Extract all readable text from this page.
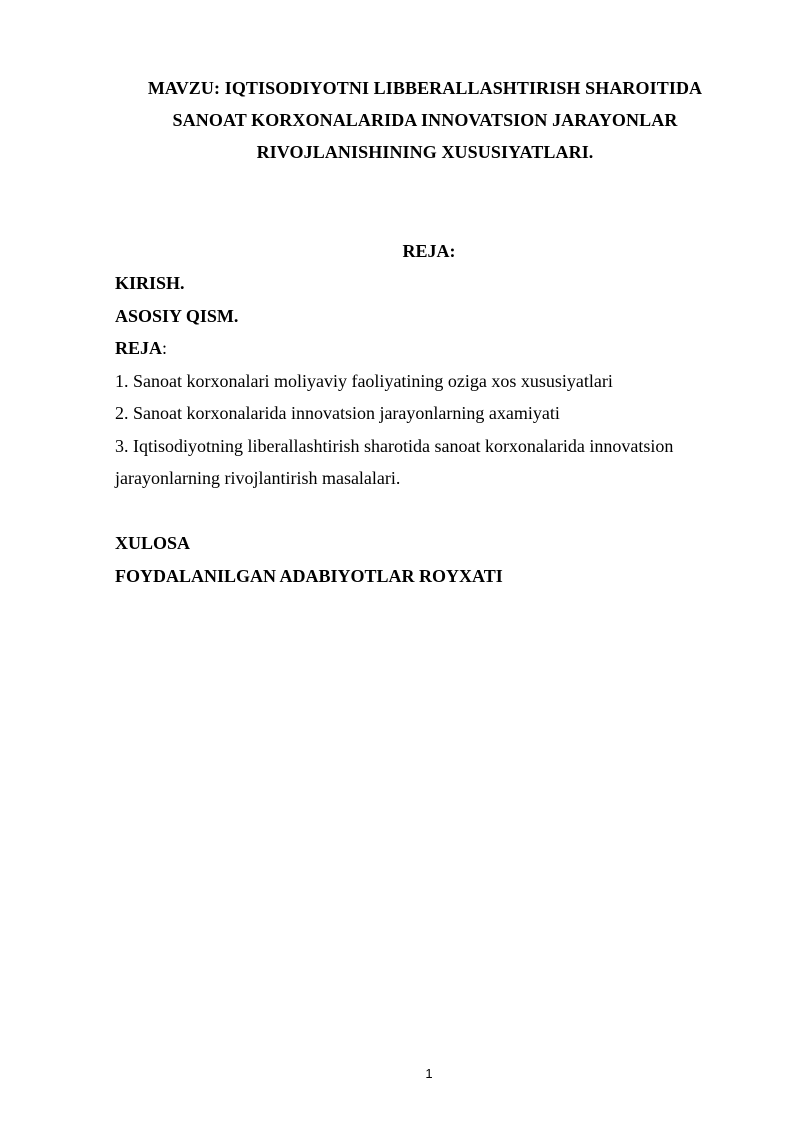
MAVZU: IQTISODIYOTNI LIBBERALLASHTIRISH SHAROITIDA
SANOAT KORXONALARIDA INNOVATSION JARAYONLAR
RIVOJLANISHINING XUSUSIYATLARI.
REJA:
KIRISH.
ASOSIY QISM.
REJA:
1. Sanoat korxonalari moliyaviy faoliyatining oziga xos xususiyatlari
2. Sanoat korxonalarida innovatsion jarayonlarning axamiyati
3. Iqtisodiyotning liberallashtirish sharotida sanoat korxonalarida innovatsion
jarayonlarning rivojlantirish masalalari.
XULOSA
FOYDALANILGAN ADABIYOTLAR ROYXATI
1
